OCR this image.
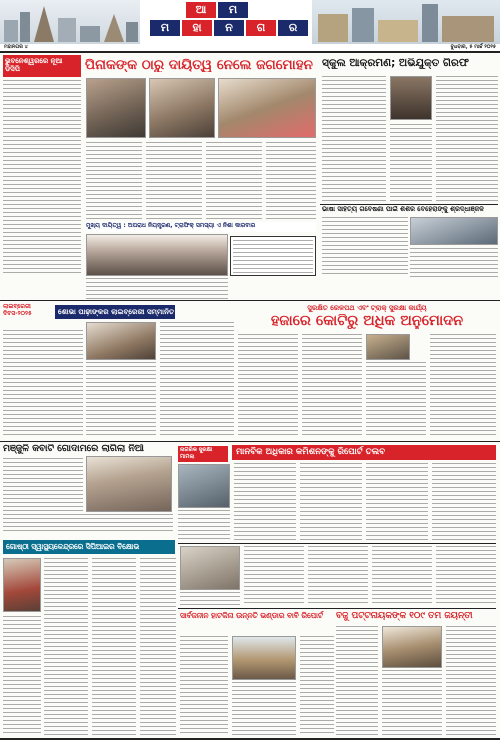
ଆ	ମ
ମ	ହା	ନ	ଗ	ର
ମହାନଗର ୪	ବୁଧବାର, ୫ ମାର୍ଚ୍ଚ ୨୦୨୫
ଭୁବନେଶ୍ୱରରେ ନୂଆ ଡିସିପି	ପିନାକଙ୍କ ଠାରୁ ଦାୟିତ୍ୱ ନେଲେ ଜଗମୋହନ
ମୁଖ୍ୟ ଦାୟିତ୍ୱ : ଅପରାଧ ନିୟନ୍ତ୍ରଣ, ଟ୍ରାଫିକ୍ ସମସ୍ୟା ଏ ନିଶା କାରବାର
ସ୍କୁଲ ଆକ୍ରମଣ; ଅଭିଯୁକ୍ତ ଗିରଫ
ଭାଷା ସାହିତ୍ୟ ଗବେଷଣା ପାଇଁ ଶିଶିର ବେହେରାଙ୍କୁ ଶ୍ରଦ୍ଧାଞ୍ଜଳି
ଲାଇବ୍ରେରୀ ଦିବସ-୨୦୨୫	ଶୋଭା ପାଢ଼ୀଙ୍କର ଲାଇବ୍ରେରୀ ସମ୍ମାନିତ	ସୁରକ୍ଷିତ ରେଳପଥ ଏବଂ ଟ୍ରାକ୍ ସୁରକ୍ଷା କାର୍ଯ୍ୟ
ହଜାରେ କୋଟିରୁ ଅଧିକ ଅନୁମୋଦନ
ମଞ୍ଜୁଳି କବାଟି ଗୋଦାମରେ ଲାଗିଲା ନିଆଁ	ନାଗରିକ ସୁରକ୍ଷା ମାମଲା	ମାନବିକ ଅଧିକାର କମିଶନଙ୍କୁ ରିପୋର୍ଟ ତଲବ
ଗୋଷ୍ଠୀ ସ୍ୱାସ୍ଥ୍ୟକେନ୍ଦ୍ରରେ ସିପିଆଇର ବିକ୍ଷୋଭ
ସାର୍ବଜନୀନ ହାଟକିନା ଉନ୍ନତି ଭଣ୍ଡାର ବାବି ରିପୋର୍ଟ	ବିଜୁ ପଟ୍ଟନାୟକଙ୍କ ୧୦୯ ତମ ଜୟନ୍ତୀ
